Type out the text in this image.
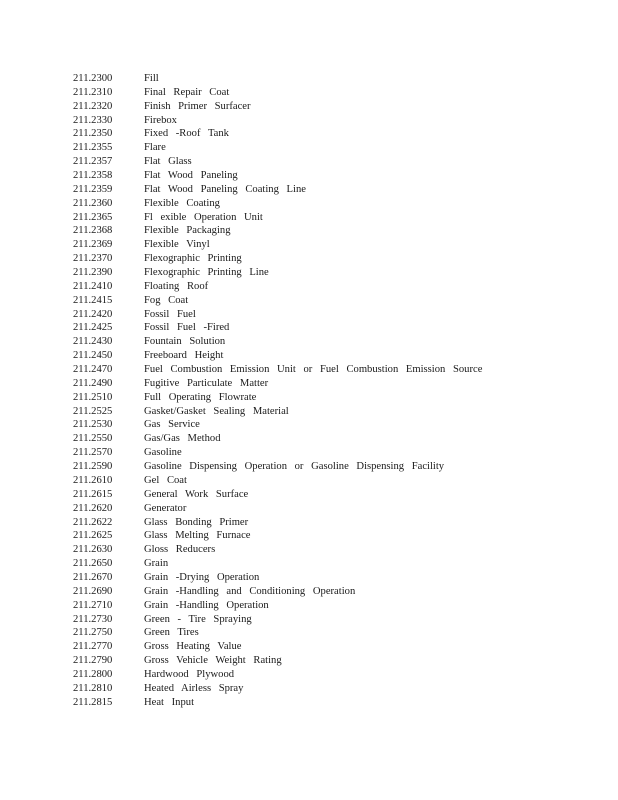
211.2300	Fill
211.2310	Final Repair Coat
211.2320	Finish Primer Surfacer
211.2330	Firebox
211.2350	Fixed -Roof Tank
211.2355	Flare
211.2357	Flat Glass
211.2358	Flat Wood Paneling
211.2359	Flat Wood Paneling Coating Line
211.2360	Flexible Coating
211.2365	Fl exible Operation Unit
211.2368	Flexible Packaging
211.2369	Flexible Vinyl
211.2370	Flexographic Printing
211.2390	Flexographic Printing Line
211.2410	Floating Roof
211.2415	Fog Coat
211.2420	Fossil Fuel
211.2425	Fossil Fuel -Fired
211.2430	Fountain Solution
211.2450	Freeboard Height
211.2470	Fuel Combustion Emission Unit or Fuel Combustion Emission Source
211.2490	Fugitive Particulate Matter
211.2510	Full Operating Flowrate
211.2525	Gasket/Gasket Sealing Material
211.2530	Gas Service
211.2550	Gas/Gas Method
211.2570	Gasoline
211.2590	Gasoline Dispensing Operation or Gasoline Dispensing Facility
211.2610	Gel Coat
211.2615	General Work Surface
211.2620	Generator
211.2622	Glass Bonding Primer
211.2625	Glass Melting Furnace
211.2630	Gloss Reducers
211.2650	Grain
211.2670	Grain -Drying Operation
211.2690	Grain -Handling and Conditioning Operation
211.2710	Grain -Handling Operation
211.2730	Green - Tire Spraying
211.2750	Green Tires
211.2770	Gross Heating Value
211.2790	Gross Vehicle Weight Rating
211.2800	Hardwood Plywood
211.2810	Heated Airless Spray
211.2815	Heat Input
